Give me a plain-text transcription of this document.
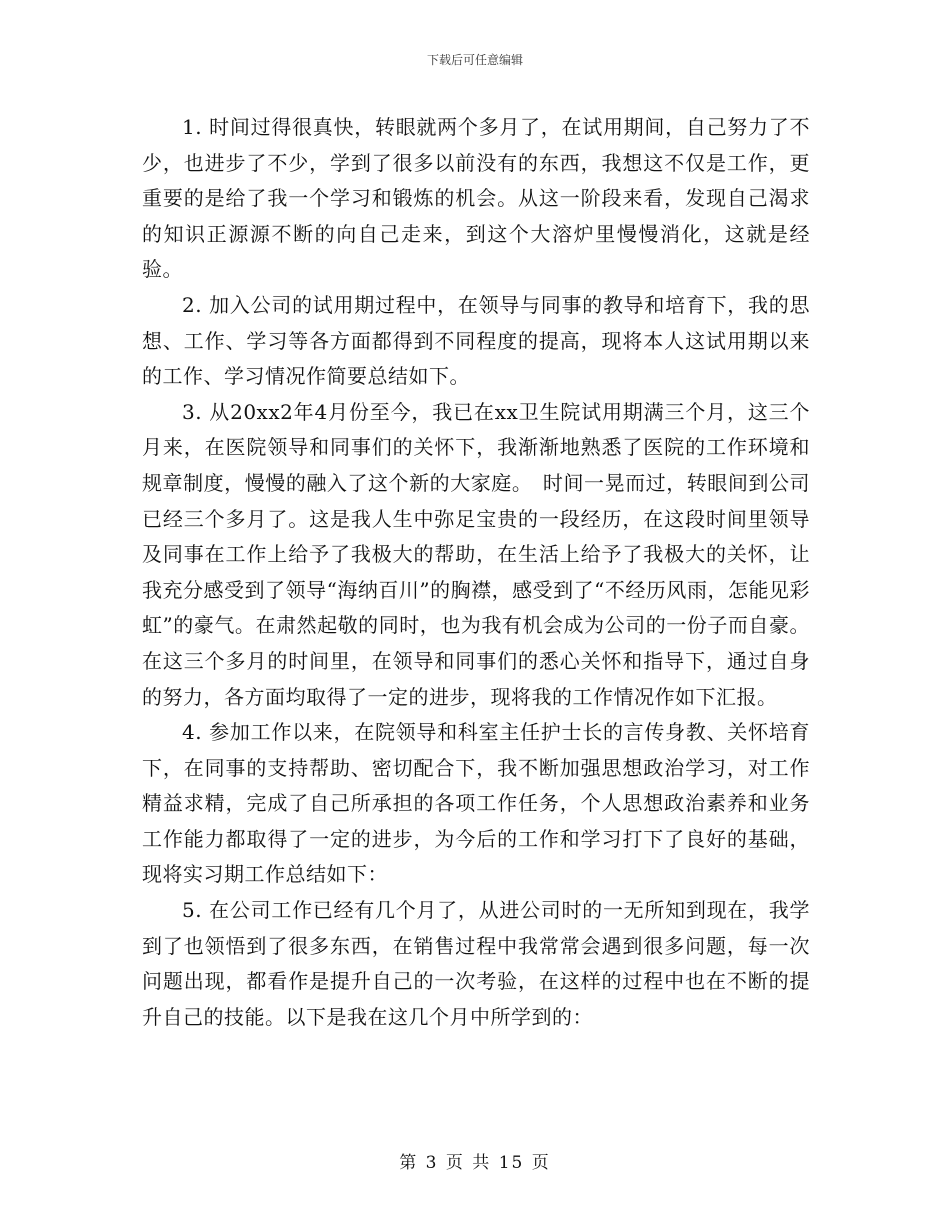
下载后可任意编辑

1. 时间过得很真快，转眼就两个多月了，在试用期间，自己努力了不少，也进步了不少，学到了很多以前没有的东西，我想这不仅是工作，更重要的是给了我一个学习和锻炼的机会。从这一阶段来看，发现自己渴求的知识正源源不断的向自己走来，到这个大溶炉里慢慢消化，这就是经验。

2. 加入公司的试用期过程中，在领导与同事的教导和培育下，我的思想、工作、学习等各方面都得到不同程度的提高，现将本人这试用期以来的工作、学习情况作简要总结如下。

3. 从20xx2年4月份至今，我已在xx卫生院试用期满三个月，这三个月来，在医院领导和同事们的关怀下，我渐渐地熟悉了医院的工作环境和规章制度，慢慢的融入了这个新的大家庭。　时间一晃而过，转眼间到公司已经三个多月了。这是我人生中弥足宝贵的一段经历，在这段时间里领导及同事在工作上给予了我极大的帮助，在生活上给予了我极大的关怀，让我充分感受到了领导“海纳百川”的胸襟，感受到了“不经历风雨，怎能见彩虹”的豪气。在肃然起敬的同时，也为我有机会成为公司的一份子而自豪。在这三个多月的时间里，在领导和同事们的悉心关怀和指导下，通过自身的努力，各方面均取得了一定的进步，现将我的工作情况作如下汇报。

4. 参加工作以来，在院领导和科室主任护士长的言传身教、关怀培育下，在同事的支持帮助、密切配合下，我不断加强思想政治学习，对工作精益求精，完成了自己所承担的各项工作任务，个人思想政治素养和业务工作能力都取得了一定的进步，为今后的工作和学习打下了良好的基础，现将实习期工作总结如下：

5. 在公司工作已经有几个月了，从进公司时的一无所知到现在，我学到了也领悟到了很多东西，在销售过程中我常常会遇到很多问题，每一次问题出现，都看作是提升自己的一次考验，在这样的过程中也在不断的提升自己的技能。以下是我在这几个月中所学到的：

第 3 页 共 15 页
